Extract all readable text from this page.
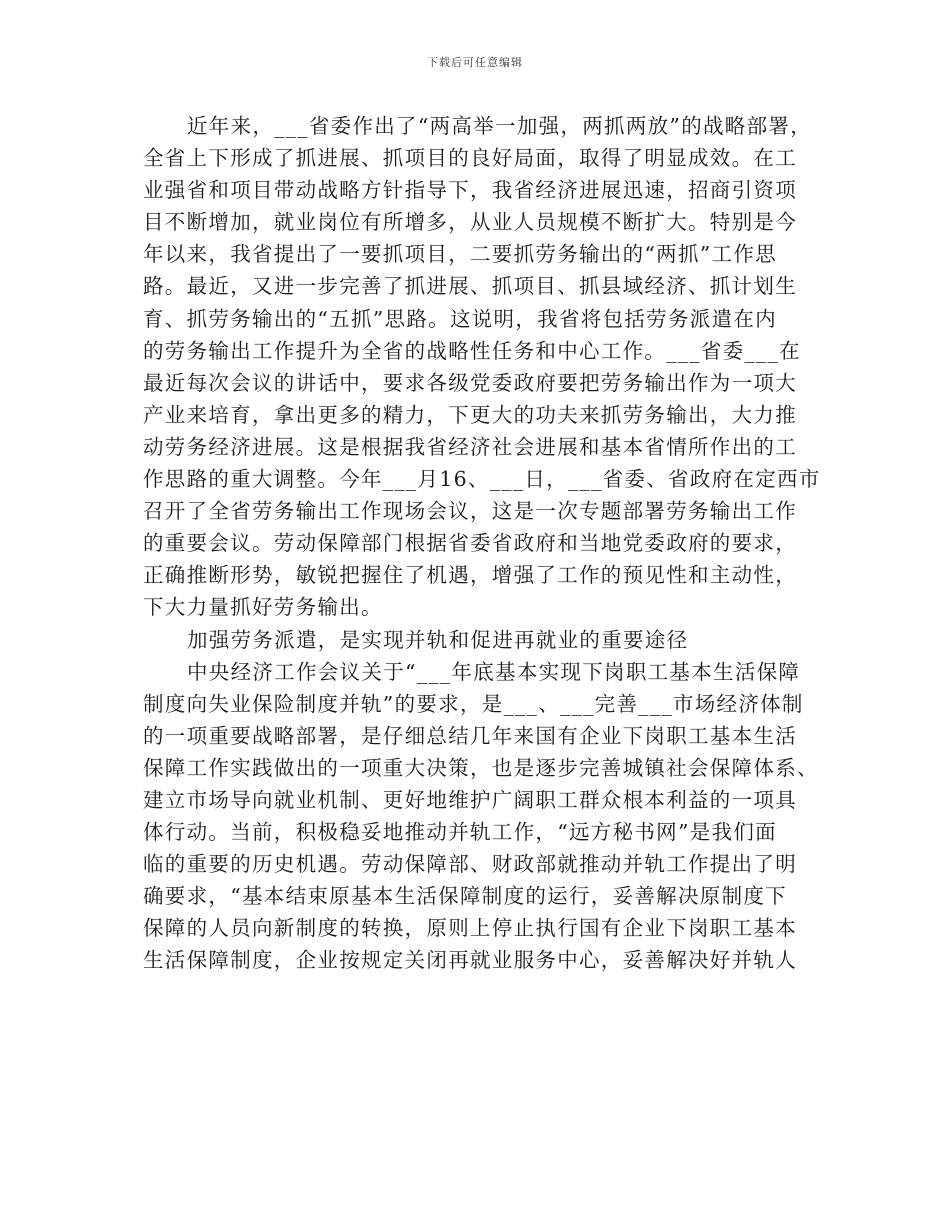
下载后可任意编辑
近年来，___省委作出了“两高举一加强，两抓两放”的战略部署，
全省上下形成了抓进展、抓项目的良好局面，取得了明显成效。在工
业强省和项目带动战略方针指导下，我省经济进展迅速，招商引资项
目不断增加，就业岗位有所增多，从业人员规模不断扩大。特别是今
年以来，我省提出了一要抓项目，二要抓劳务输出的“两抓”工作思
路。最近，又进一步完善了抓进展、抓项目、抓县域经济、抓计划生
育、抓劳务输出的“五抓”思路。这说明，我省将包括劳务派遣在内
的劳务输出工作提升为全省的战略性任务和中心工作。___省委___在
最近每次会议的讲话中，要求各级党委政府要把劳务输出作为一项大
产业来培育，拿出更多的精力，下更大的功夫来抓劳务输出，大力推
动劳务经济进展。这是根据我省经济社会进展和基本省情所作出的工
作思路的重大调整。今年___月16、___日，___省委、省政府在定西市
召开了全省劳务输出工作现场会议，这是一次专题部署劳务输出工作
的重要会议。劳动保障部门根据省委省政府和当地党委政府的要求，
正确推断形势，敏锐把握住了机遇，增强了工作的预见性和主动性，
下大力量抓好劳务输出。
加强劳务派遣，是实现并轨和促进再就业的重要途径
中央经济工作会议关于“___年底基本实现下岗职工基本生活保障
制度向失业保险制度并轨”的要求，是___、___完善___市场经济体制
的一项重要战略部署，是仔细总结几年来国有企业下岗职工基本生活
保障工作实践做出的一项重大决策，也是逐步完善城镇社会保障体系、
建立市场导向就业机制、更好地维护广阔职工群众根本利益的一项具
体行动。当前，积极稳妥地推动并轨工作，“远方秘书网”是我们面
临的重要的历史机遇。劳动保障部、财政部就推动并轨工作提出了明
确要求，“基本结束原基本生活保障制度的运行，妥善解决原制度下
保障的人员向新制度的转换，原则上停止执行国有企业下岗职工基本
生活保障制度，企业按规定关闭再就业服务中心，妥善解决好并轨人
